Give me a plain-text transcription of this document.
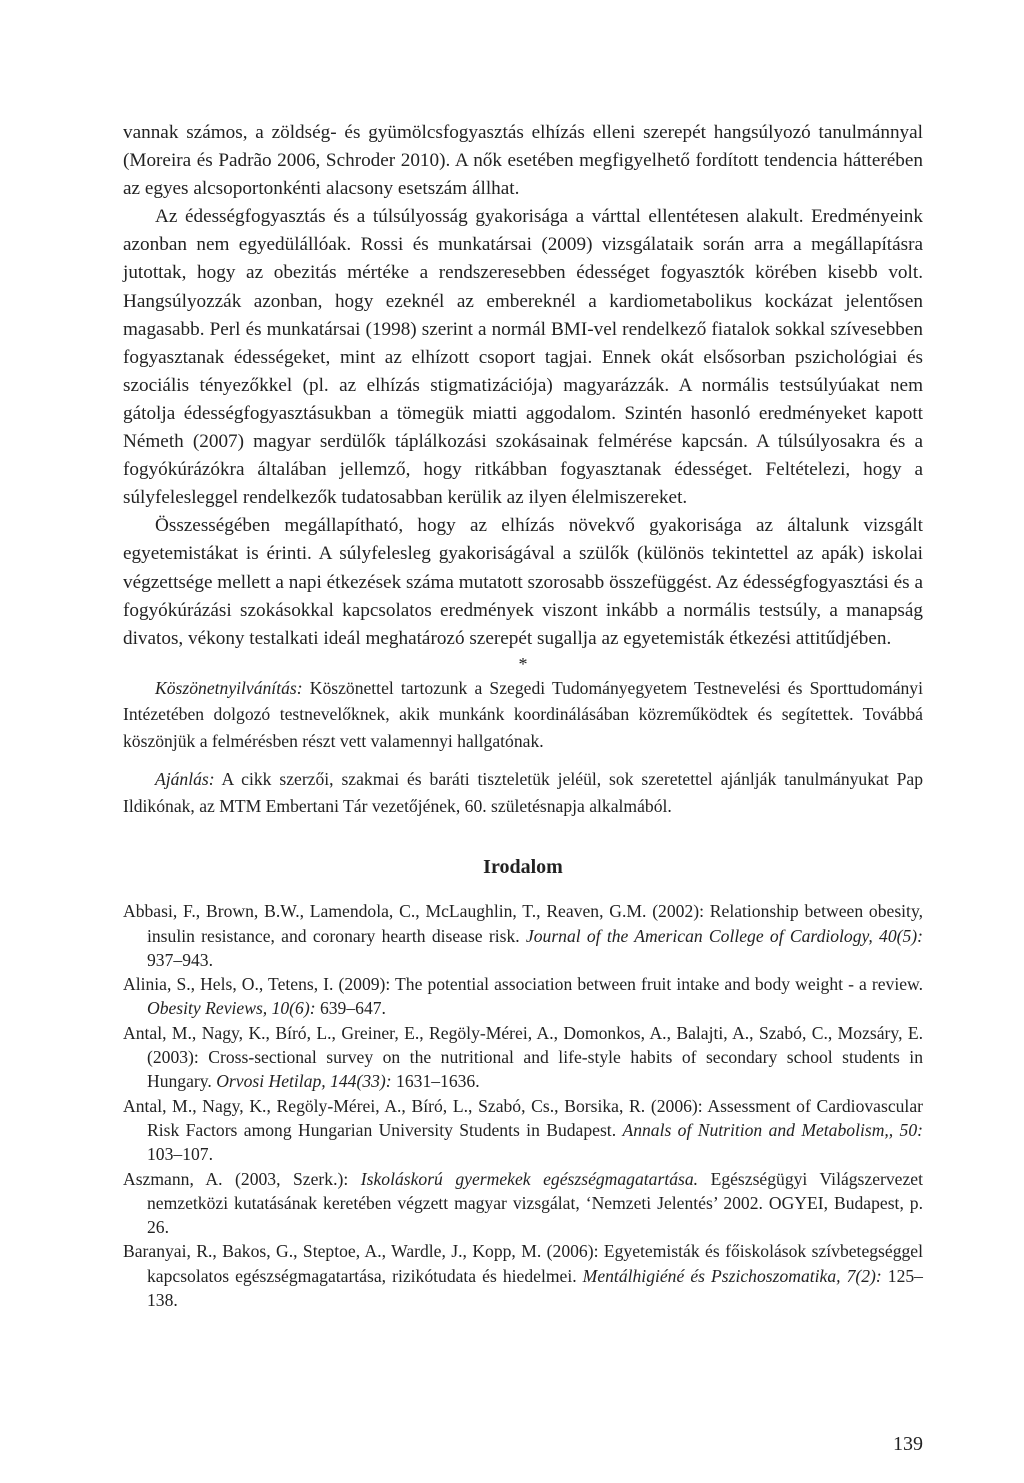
vannak számos, a zöldség- és gyümölcsfogyasztás elhízás elleni szerepét hangsúlyozó tanulmánnyal (Moreira és Padrão 2006, Schroder 2010). A nők esetében megfigyelhető fordított tendencia hátterében az egyes alcsoportonkénti alacsony esetszám állhat.

Az édességfogyasztás és a túlsúlyosság gyakorisága a várttal ellentétesen alakult. Eredményeink azonban nem egyedülállóak. Rossi és munkatársai (2009) vizsgálataik során arra a megállapításra jutottak, hogy az obezitás mértéke a rendszeresebben édességet fogyasztók körében kisebb volt. Hangsúlyozzák azonban, hogy ezeknél az embereknél a kardiometabolikus kockázat jelentősen magasabb. Perl és munkatársai (1998) szerint a normál BMI-vel rendelkező fiatalok sokkal szívesebben fogyasztanak édességeket, mint az elhízott csoport tagjai. Ennek okát elsősorban pszichológiai és szociális tényezőkkel (pl. az elhízás stigmatizációja) magyarázzák. A normális testsúlyúakat nem gátolja édességfogyasztásukban a tömegük miatti aggodalom. Szintén hasonló eredményeket kapott Németh (2007) magyar serdülők táplálkozási szokásainak felmérése kapcsán. A túlsúlyosakra és a fogyókúrázókra általában jellemző, hogy ritkábban fogyasztanak édességet. Feltételezi, hogy a súlyfelesleggel rendelkezők tudatosabban kerülik az ilyen élelmiszereket.

Összességében megállapítható, hogy az elhízás növekvő gyakorisága az általunk vizsgált egyetemistákat is érinti. A súlyfelesleg gyakoriságával a szülők (különös tekintettel az apák) iskolai végzettsége mellett a napi étkezések száma mutatott szorosabb összefüggést. Az édességfogyasztási és a fogyókúrázási szokásokkal kapcsolatos eredmények viszont inkább a normális testsúly, a manapság divatos, vékony testalkati ideál meghatározó szerepét sugallja az egyetemisták étkezési attitűdjében.

*

Köszönetnyilvánítás: Köszönettel tartozunk a Szegedi Tudományegyetem Testnevelési és Sporttudományi Intézetében dolgozó testnevelőknek, akik munkánk koordinálásában közreműködtek és segítettek. Továbbá köszönjük a felmérésben részt vett valamennyi hallgatónak.

Ajánlás: A cikk szerzői, szakmai és baráti tiszteletük jeléül, sok szeretettel ajánlják tanulmányukat Pap Ildikónak, az MTM Embertani Tár vezetőjének, 60. születésnapja alkalmából.

Irodalom

Abbasi, F., Brown, B.W., Lamendola, C., McLaughlin, T., Reaven, G.M. (2002): Relationship between obesity, insulin resistance, and coronary hearth disease risk. Journal of the American College of Cardiology, 40(5): 937–943.

Alinia, S., Hels, O., Tetens, I. (2009): The potential association between fruit intake and body weight - a review. Obesity Reviews, 10(6): 639–647.

Antal, M., Nagy, K., Bíró, L., Greiner, E., Regöly-Mérei, A., Domonkos, A., Balajti, A., Szabó, C., Mozsáry, E. (2003): Cross-sectional survey on the nutritional and life-style habits of secondary school students in Hungary. Orvosi Hetilap, 144(33): 1631–1636.

Antal, M., Nagy, K., Regöly-Mérei, A., Bíró, L., Szabó, Cs., Borsika, R. (2006): Assessment of Cardiovascular Risk Factors among Hungarian University Students in Budapest. Annals of Nutrition and Metabolism,, 50: 103–107.

Aszmann, A. (2003, Szerk.): Iskoláskorú gyermekek egészségmagatartása. Egészségügyi Világszervezet nemzetközi kutatásának keretében végzett magyar vizsgálat, ‘Nemzeti Jelentés’ 2002. OGYEI, Budapest, p. 26.

Baranyai, R., Bakos, G., Steptoe, A., Wardle, J., Kopp, M. (2006): Egyetemisták és főiskolások szívbetegséggel kapcsolatos egészségmagatartása, rizikótudata és hiedelmei. Mentálhigiéné és Pszichoszomatika, 7(2): 125–138.

139
